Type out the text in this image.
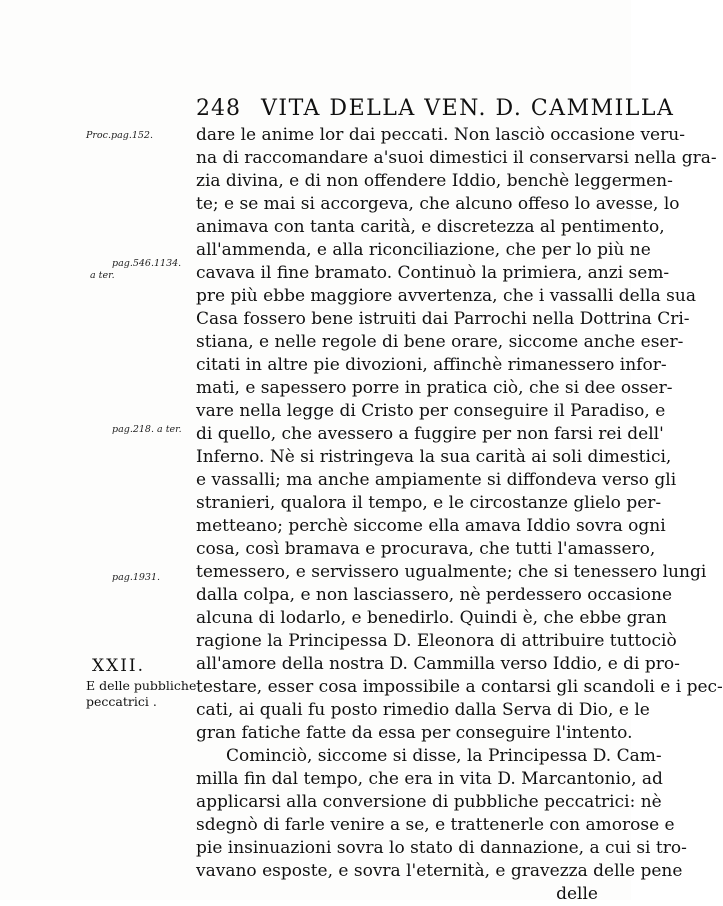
248 VITA DELLA VEN. D. CAMMILLA
Proc.pag.152.
pag.546.1134.
a ter.
pag.218. a ter.
pag.1931.
XXII.
E delle pubbliche
peccatrici .
dare le anime lor dai peccati. Non lasciò occasione veru-
na di raccomandare a'suoi dimestici il conservarsi nella gra-
zia divina, e di non offendere Iddio, benchè leggermen-
te; e se mai si accorgeva, che alcuno offeso lo avesse, lo
animava con tanta carità, e discretezza al pentimento,
all'ammenda, e alla riconciliazione, che per lo più ne
cavava il fine bramato. Continuò la primiera, anzi sem-
pre più ebbe maggiore avvertenza, che i vassalli della sua
Casa fossero bene istruiti dai Parrochi nella Dottrina Cri-
stiana, e nelle regole di bene orare, siccome anche eser-
citati in altre pie divozioni, affinchè rimanessero infor-
mati, e sapessero porre in pratica ciò, che si dee osser-
vare nella legge di Cristo per conseguire il Paradiso, e
di quello, che avessero a fuggire per non farsi rei dell'
Inferno. Nè si ristringeva la sua carità ai soli dimestici,
e vassalli; ma anche ampiamente si diffondeva verso gli
stranieri, qualora il tempo, e le circostanze glielo per-
metteano; perchè siccome ella amava Iddio sovra ogni
cosa, così bramava e procurava, che tutti l'amassero,
temessero, e servissero ugualmente; che si tenessero lungi
dalla colpa, e non lasciassero, nè perdessero occasione
alcuna di lodarlo, e benedirlo. Quindi è, che ebbe gran
ragione la Principessa D. Eleonora di attribuire tuttociò
all'amore della nostra D. Cammilla verso Iddio, e di pro-
testare, esser cosa impossibile a contarsi gli scandoli e i pec-
cati, ai quali fu posto rimedio dalla Serva di Dio, e le
gran fatiche fatte da essa per conseguire l'intento.
Cominciò, siccome si disse, la Principessa D. Cam-
milla fin dal tempo, che era in vita D. Marcantonio, ad
applicarsi alla conversione di pubbliche peccatrici: nè
sdegnò di farle venire a se, e trattenerle con amorose e
pie insinuazioni sovra lo stato di dannazione, a cui si tro-
vavano esposte, e sovra l'eternità, e gravezza delle pene
delle
